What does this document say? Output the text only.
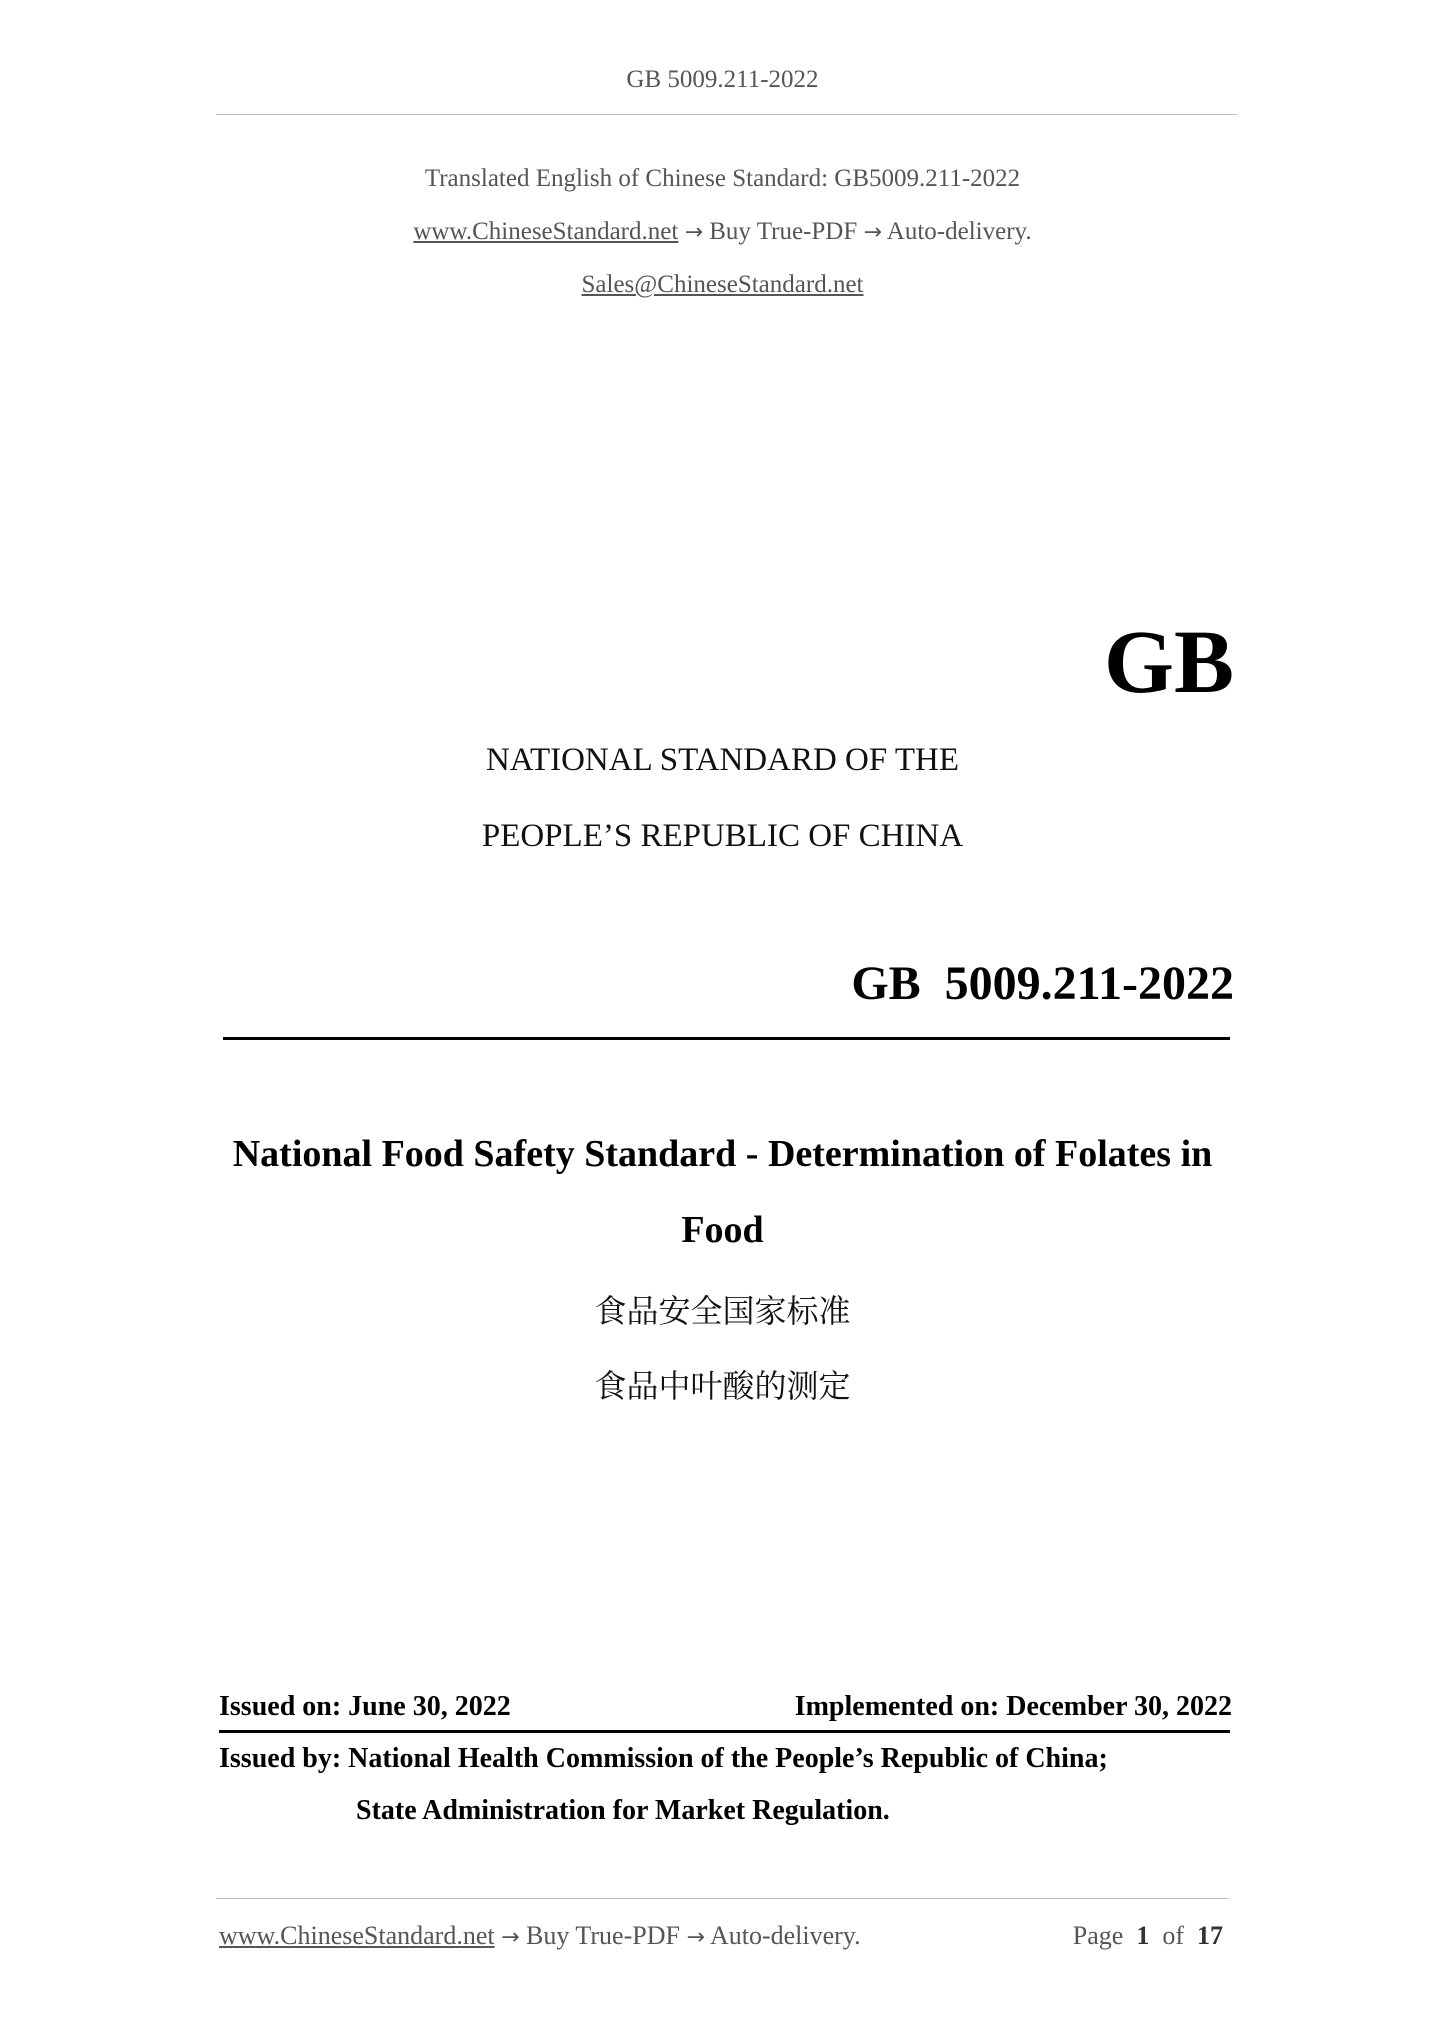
GB 5009.211-2022
Translated English of Chinese Standard: GB5009.211-2022
www.ChineseStandard.net → Buy True-PDF → Auto-delivery.
Sales@ChineseStandard.net
GB
NATIONAL STANDARD OF THE
PEOPLE’S REPUBLIC OF CHINA
GB  5009.211-2022
National Food Safety Standard - Determination of Folates in
Food
食品安全国家标准
食品中叶酸的测定
Issued on: June 30, 2022	Implemented on: December 30, 2022
Issued by: National Health Commission of the People’s Republic of China;
State Administration for Market Regulation.
www.ChineseStandard.net → Buy True-PDF → Auto-delivery.	Page 1 of 17
